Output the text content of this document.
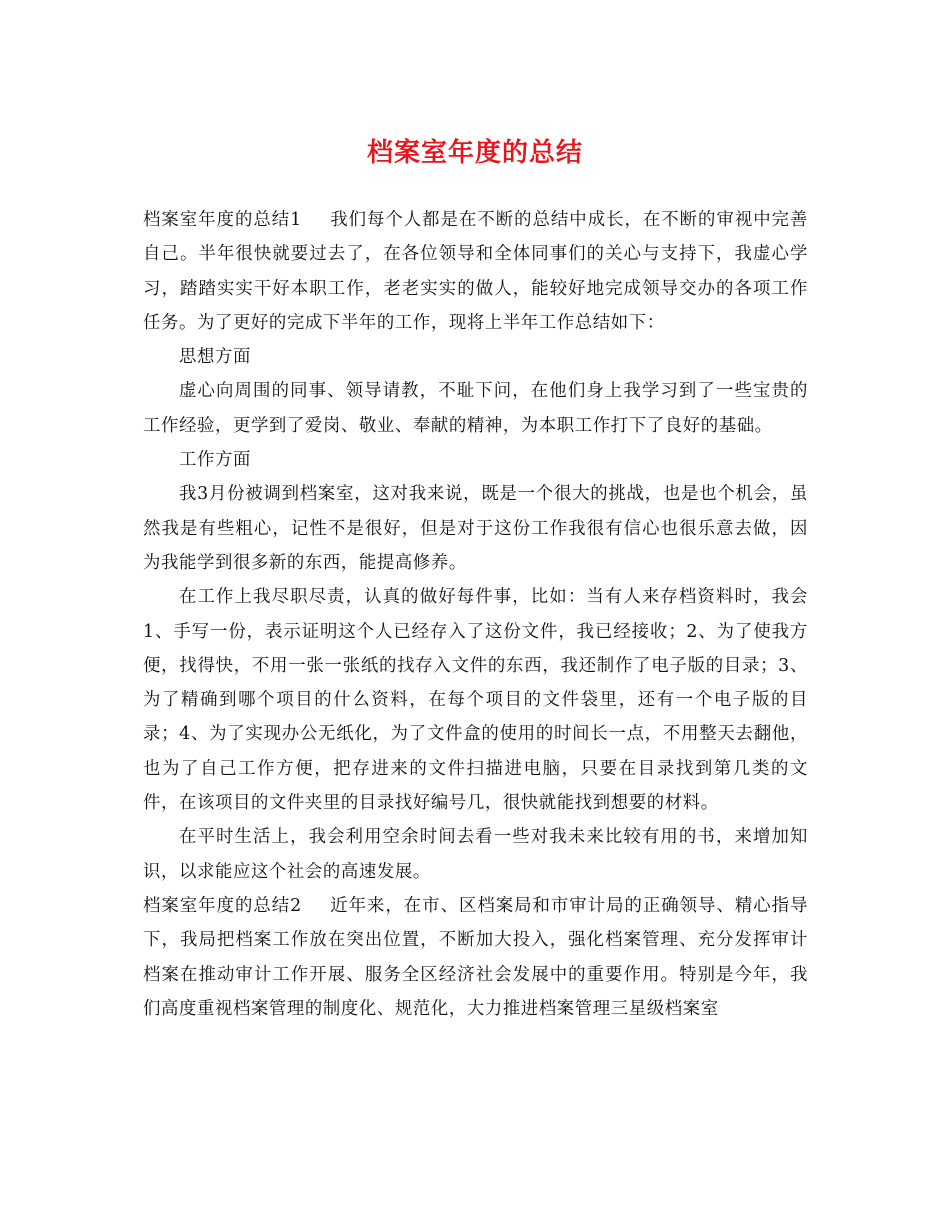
档案室年度的总结

档案室年度的总结1 我们每个人都是在不断的总结中成长，在不断的审视中完善自己。半年很快就要过去了，在各位领导和全体同事们的关心与支持下，我虚心学习，踏踏实实干好本职工作，老老实实的做人，能较好地完成领导交办的各项工作任务。为了更好的完成下半年的工作，现将上半年工作总结如下：

思想方面

虚心向周围的同事、领导请教，不耻下问，在他们身上我学习到了一些宝贵的工作经验，更学到了爱岗、敬业、奉献的精神，为本职工作打下了良好的基础。

工作方面

我3月份被调到档案室，这对我来说，既是一个很大的挑战，也是也个机会，虽然我是有些粗心，记性不是很好，但是对于这份工作我很有信心也很乐意去做，因为我能学到很多新的东西，能提高修养。

在工作上我尽职尽责，认真的做好每件事，比如：当有人来存档资料时，我会1、手写一份，表示证明这个人已经存入了这份文件，我已经接收；2、为了使我方便，找得快，不用一张一张纸的找存入文件的东西，我还制作了电子版的目录；3、为了精确到哪个项目的什么资料，在每个项目的文件袋里，还有一个电子版的目录；4、为了实现办公无纸化，为了文件盒的使用的时间长一点，不用整天去翻他，也为了自己工作方便，把存进来的文件扫描进电脑，只要在目录找到第几类的文件，在该项目的文件夹里的目录找好编号几，很快就能找到想要的材料。

在平时生活上，我会利用空余时间去看一些对我未来比较有用的书，来增加知识，以求能应这个社会的高速发展。

档案室年度的总结2 近年来，在市、区档案局和市审计局的正确领导、精心指导下，我局把档案工作放在突出位置，不断加大投入，强化档案管理、充分发挥审计档案在推动审计工作开展、服务全区经济社会发展中的重要作用。特别是今年，我们高度重视档案管理的制度化、规范化，大力推进档案管理三星级档案室
